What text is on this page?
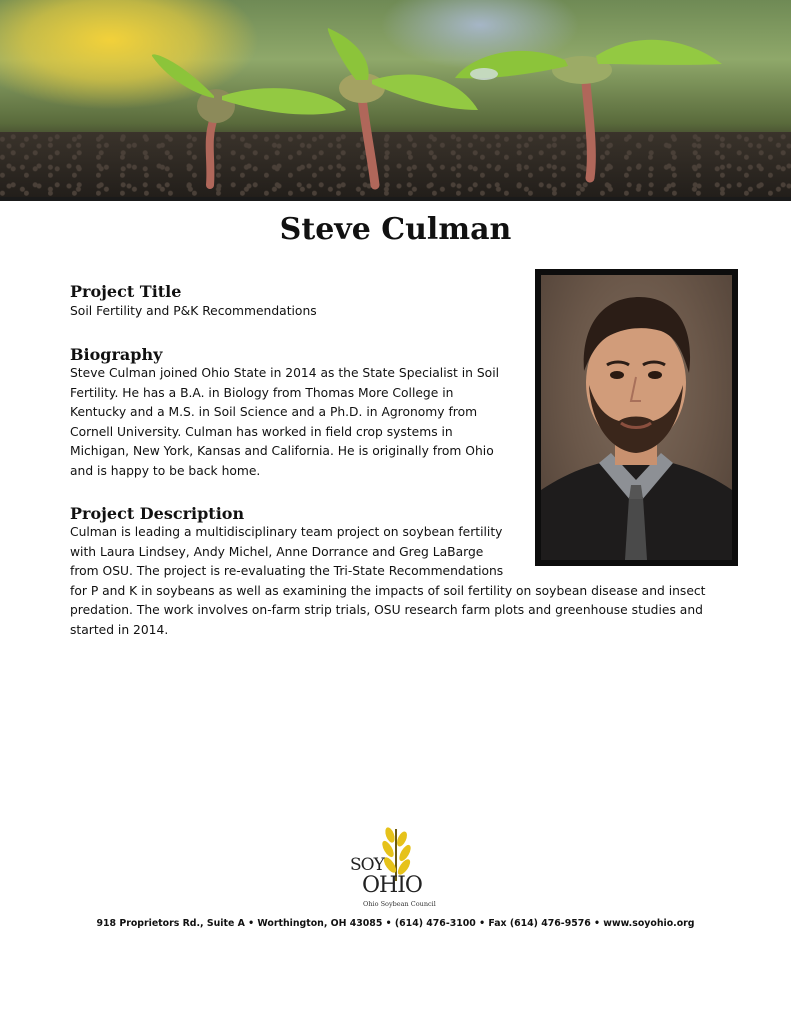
Steve Culman
Project Title
Soil Fertility and P&K Recommendations
Biography
Steve Culman joined Ohio State in 2014 as the State Specialist in Soil
Fertility. He has a B.A. in Biology from Thomas More College in
Kentucky and a M.S. in Soil Science and a Ph.D. in Agronomy from
Cornell University. Culman has worked in field crop systems in
Michigan, New York, Kansas and California. He is originally from Ohio
and is happy to be back home.
Project Description
Culman is leading a multidisciplinary team project on soybean fertility
with Laura Lindsey, Andy Michel, Anne Dorrance and Greg LaBarge
from OSU. The project is re-evaluating the Tri-State Recommendations
for P and K in soybeans as well as examining the impacts of soil fertility on soybean disease and insect
predation. The work involves on-farm strip trials, OSU research farm plots and greenhouse studies and
started in 2014.
SOY
OHIO
Ohio Soybean Council
918 Proprietors Rd., Suite A • Worthington, OH 43085 • (614) 476-3100 • Fax (614) 476-9576 • www.soyohio.org
